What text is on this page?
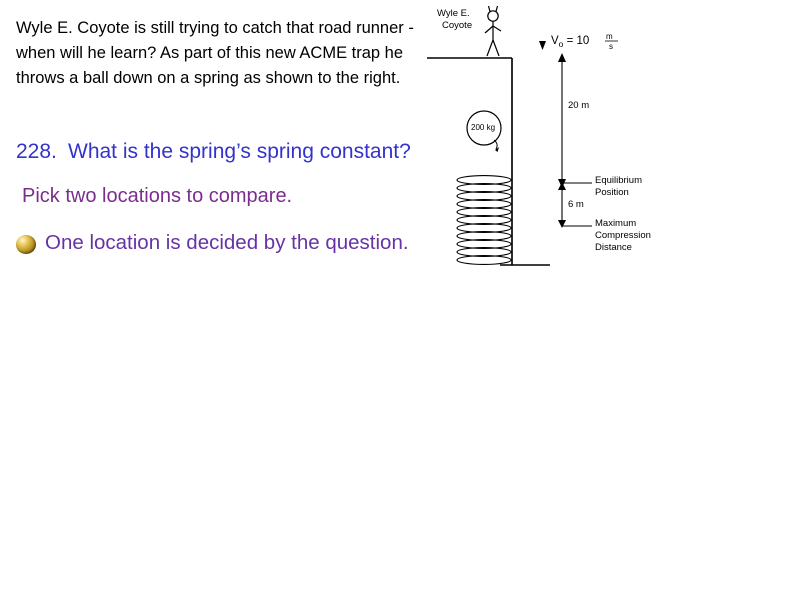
Wyle E. Coyote is still trying to catch that road runner -when will he learn? As part of this new ACME trap he throws a ball down on a spring as shown to the right.
228. What is the spring’s spring constant?
Pick two locations to compare.
One location is decided by the question.
Wyle E.
Coyote
$V_o = 10$ m
s
20 m
200 kg
Equilibrium
Position
6 m
Maximum
Compression
Distance
